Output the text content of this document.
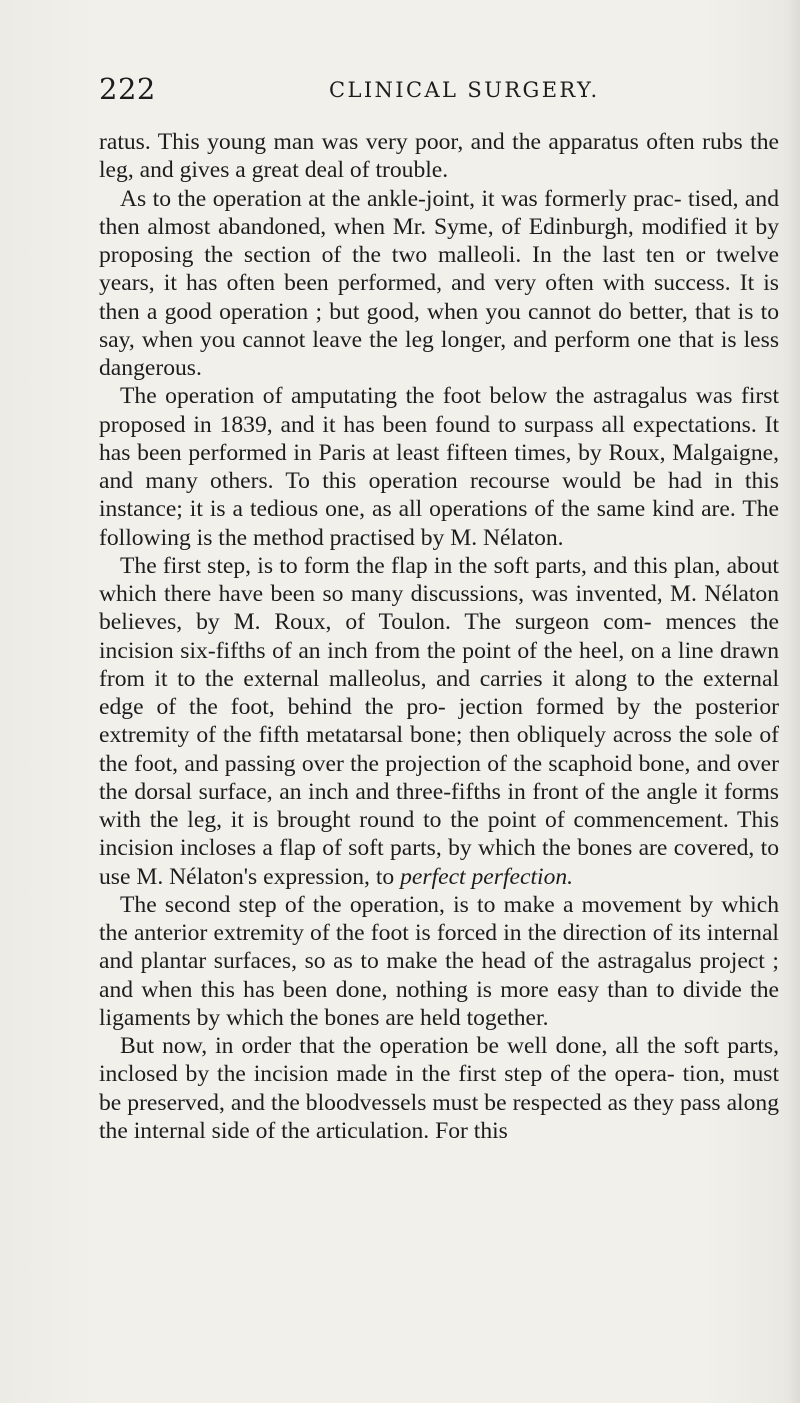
222	CLINICAL SURGERY.

ratus. This young man was very poor, and the apparatus often rubs the leg, and gives a great deal of trouble.

As to the operation at the ankle-joint, it was formerly prac- tised, and then almost abandoned, when Mr. Syme, of Edinburgh, modified it by proposing the section of the two malleoli. In the last ten or twelve years, it has often been performed, and very often with success. It is then a good operation ; but good, when you cannot do better, that is to say, when you cannot leave the leg longer, and perform one that is less dangerous.

The operation of amputating the foot below the astragalus was first proposed in 1839, and it has been found to surpass all expectations. It has been performed in Paris at least fifteen times, by Roux, Malgaigne, and many others. To this operation recourse would be had in this instance; it is a tedious one, as all operations of the same kind are. The following is the method practised by M. Nélaton.

The first step, is to form the flap in the soft parts, and this plan, about which there have been so many discussions, was invented, M. Nélaton believes, by M. Roux, of Toulon. The surgeon com- mences the incision six-fifths of an inch from the point of the heel, on a line drawn from it to the external malleolus, and carries it along to the external edge of the foot, behind the pro- jection formed by the posterior extremity of the fifth metatarsal bone; then obliquely across the sole of the foot, and passing over the projection of the scaphoid bone, and over the dorsal surface, an inch and three-fifths in front of the angle it forms with the leg, it is brought round to the point of commencement. This incision incloses a flap of soft parts, by which the bones are covered, to use M. Nélaton's expression, to perfect perfection.

The second step of the operation, is to make a movement by which the anterior extremity of the foot is forced in the direction of its internal and plantar surfaces, so as to make the head of the astragalus project ; and when this has been done, nothing is more easy than to divide the ligaments by which the bones are held together.

But now, in order that the operation be well done, all the soft parts, inclosed by the incision made in the first step of the opera- tion, must be preserved, and the bloodvessels must be respected as they pass along the internal side of the articulation. For this
